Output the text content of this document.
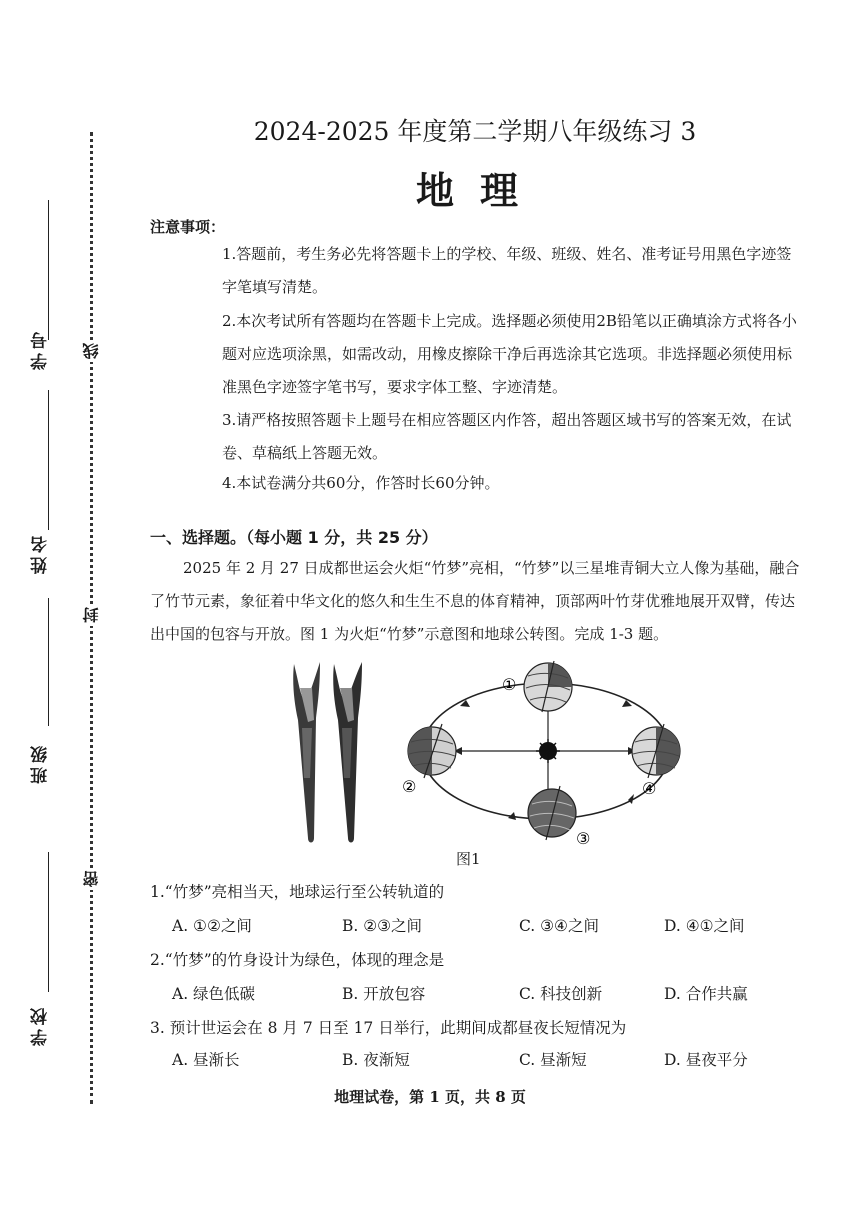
学号
姓名
班级
学校
线
封
密
2024-2025 年度第二学期八年级练习 3
地理
注意事项：
1.答题前，考生务必先将答题卡上的学校、年级、班级、姓名、准考证号用黑色字迹签字笔填写清楚。
2.本次考试所有答题均在答题卡上完成。选择题必须使用2B铅笔以正确填涂方式将各小题对应选项涂黑，如需改动，用橡皮擦除干净后再选涂其它选项。非选择题必须使用标准黑色字迹签字笔书写，要求字体工整、字迹清楚。
3.请严格按照答题卡上题号在相应答题区内作答，超出答题区域书写的答案无效，在试卷、草稿纸上答题无效。
4.本试卷满分共60分，作答时长60分钟。
一、选择题。（每小题 1 分，共 25 分）
2025 年 2 月 27 日成都世运会火炬“竹梦”亮相，“竹梦”以三星堆青铜大立人像为基础，融合了竹节元素，象征着中华文化的悠久和生生不息的体育精神，顶部两叶竹芽优雅地展开双臂，传达出中国的包容与开放。图 1 为火炬“竹梦”示意图和地球公转图。完成 1-3 题。
①
②
③
④
图1
1.“竹梦”亮相当天，地球运行至公转轨道的
A. ①②之间	B. ②③之间	C. ③④之间	D. ④①之间
2.“竹梦”的竹身设计为绿色，体现的理念是
A. 绿色低碳	B. 开放包容	C. 科技创新	D. 合作共赢
3. 预计世运会在 8 月 7 日至 17 日举行，此期间成都昼夜长短情况为
A. 昼渐长	B. 夜渐短	C. 昼渐短	D. 昼夜平分
地理试卷，第 1 页，共 8 页
